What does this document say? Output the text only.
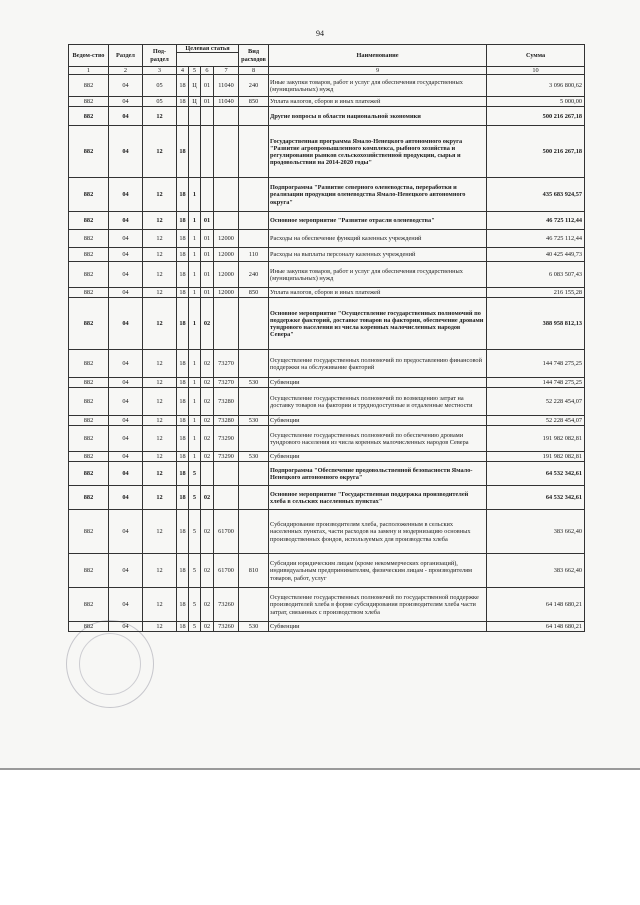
94
Ведом-ство	Раздел	Под-раздел	Целевая статья				Вид расходов	Наименование	Сумма

1	2	3	4	5	6	7	8	9	10
882	04	05	18	Ц	01	11040	240	Иные закупки товаров, работ и услуг для обеспечения государственных (муниципальных) нужд	3 096 800,62
882	04	05	18	Ц	01	11040	850	Уплата налогов, сборов и иных платежей	5 000,00
882	04	12						Другие вопросы в области национальной экономики	500 216 267,18
882	04	12	18					Государственная программа Ямало-Ненецкого автономного округа "Развитие агропромышленного комплекса, рыбного хозяйства и регулирования рынков сельскохозяйственной продукции, сырья и продовольствия на 2014-2020 годы"	500 216 267,18
882	04	12	18	1				Подпрограмма "Развитие северного оленеводства, переработки и реализации продукции оленеводства Ямало-Ненецкого автономного округа"	435 683 924,57
882	04	12	18	1	01			Основное мероприятие "Развитие отрасли оленеводства"	46 725 112,44
882	04	12	18	1	01	12000		Расходы на обеспечение функций казенных учреждений	46 725 112,44
882	04	12	18	1	01	12000	110	Расходы на выплаты персоналу казенных учреждений	40 425 449,73
882	04	12	18	1	01	12000	240	Иные закупки товаров, работ и услуг для обеспечения государственных (муниципальных) нужд	6 083 507,43
882	04	12	18	1	01	12000	850	Уплата налогов, сборов и иных платежей	216 155,28
882	04	12	18	1	02			Основное мероприятие "Осуществление государственных полномочий по поддержке факторий, доставке товаров на фактории, обеспечение дровами тундрового населения из числа коренных малочисленных народов Севера"	388 958 812,13
882	04	12	18	1	02	73270		Осуществление государственных полномочий по предоставлению финансовой поддержки на обслуживание факторий	144 748 275,25
882	04	12	18	1	02	73270	530	Субвенции	144 748 275,25
882	04	12	18	1	02	73280		Осуществление государственных полномочий по возмещению затрат на доставку товаров на фактории и труднодоступные и отдаленные местности	52 228 454,07
882	04	12	18	1	02	73280	530	Субвенции	52 228 454,07
882	04	12	18	1	02	73290		Осуществление государственных полномочий по обеспечению дровами тундрового населения из числа коренных малочисленных народов Севера	191 982 082,81
882	04	12	18	1	02	73290	530	Субвенции	191 982 082,81
882	04	12	18	5				Подпрограмма "Обеспечение продовольственной безопасности Ямало-Ненецкого автономного округа"	64 532 342,61
882	04	12	18	5	02			Основное мероприятие "Государственная поддержка производителей хлеба в сельских населенных пунктах"	64 532 342,61
882	04	12	18	5	02	61700		Субсидирование производителям хлеба, расположенным в сельских населенных пунктах, части расходов на замену и модернизацию основных производственных фондов, используемых для производства хлеба	383 662,40
882	04	12	18	5	02	61700	810	Субсидии юридическим лицам (кроме некоммерческих организаций), индивидуальным предпринимателям, физическим лицам - производителям товаров, работ, услуг	383 662,40
882	04	12	18	5	02	73260		Осуществление государственных полномочий по государственной поддержке производителей хлеба в форме субсидирования производителям хлеба части затрат, связанных с производством хлеба	64 148 680,21
882	04	12	18	5	02	73260	530	Субвенции	64 148 680,21
